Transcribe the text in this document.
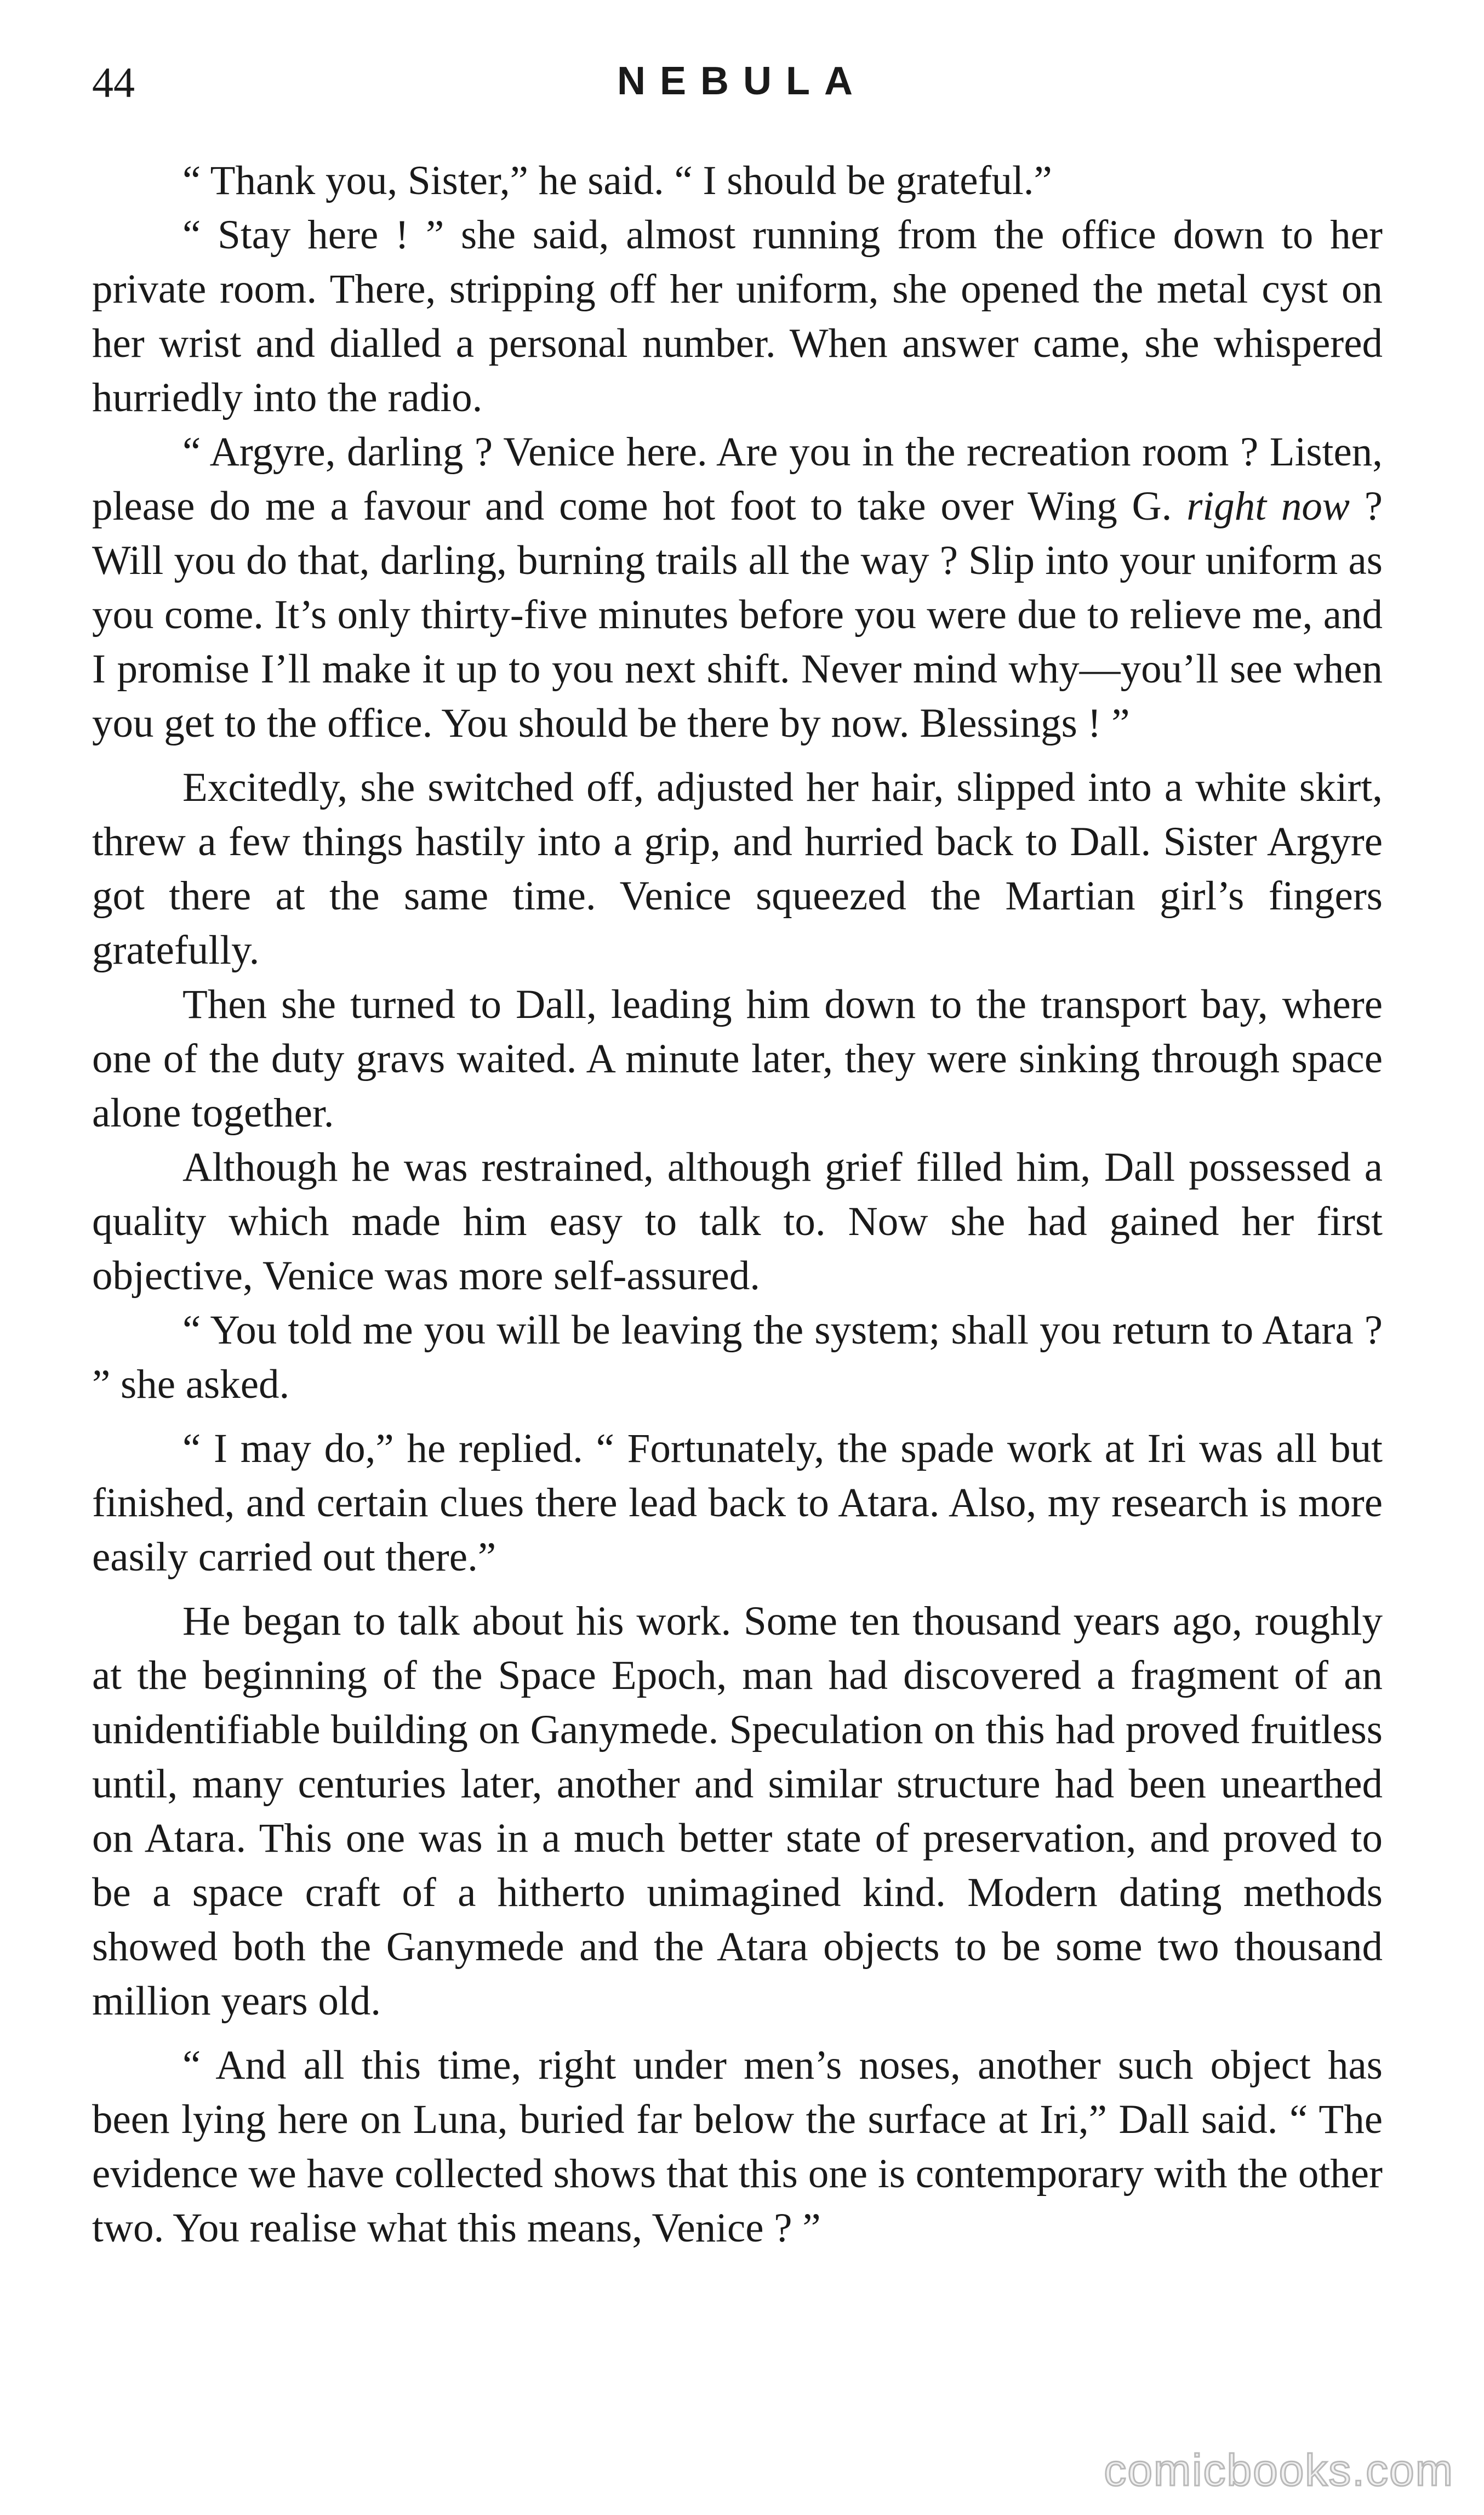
44	NEBULA

“ Thank you, Sister,” he said. “ I should be grateful.”

“ Stay here ! ” she said, almost running from the office down to her private room. There, stripping off her uniform, she opened the metal cyst on her wrist and dialled a personal number. When answer came, she whispered hurriedly into the radio.

“ Argyre, darling ? Venice here. Are you in the recreation room ? Listen, please do me a favour and come hot foot to take over Wing G. right now ? Will you do that, darling, burning trails all the way ? Slip into your uniform as you come. It’s only thirty-five minutes before you were due to relieve me, and I promise I’ll make it up to you next shift. Never mind why—you’ll see when you get to the office. You should be there by now. Blessings ! ”

Excitedly, she switched off, adjusted her hair, slipped into a white skirt, threw a few things hastily into a grip, and hurried back to Dall. Sister Argyre got there at the same time. Venice squeezed the Martian girl’s fingers gratefully.

Then she turned to Dall, leading him down to the transport bay, where one of the duty gravs waited. A minute later, they were sinking through space alone together.

Although he was restrained, although grief filled him, Dall possessed a quality which made him easy to talk to. Now she had gained her first objective, Venice was more self-assured.

“ You told me you will be leaving the system; shall you return to Atara ? ” she asked.

“ I may do,” he replied. “ Fortunately, the spade work at Iri was all but finished, and certain clues there lead back to Atara. Also, my research is more easily carried out there.”

He began to talk about his work. Some ten thousand years ago, roughly at the beginning of the Space Epoch, man had discovered a fragment of an unidentifiable building on Ganymede. Speculation on this had proved fruitless until, many centuries later, another and similar structure had been unearthed on Atara. This one was in a much better state of preservation, and proved to be a space craft of a hitherto unimagined kind. Modern dating methods showed both the Ganymede and the Atara objects to be some two thousand million years old.

“ And all this time, right under men’s noses, another such object has been lying here on Luna, buried far below the surface at Iri,” Dall said. “ The evidence we have collected shows that this one is contemporary with the other two. You realise what this means, Venice ? ”

comicbooks.com
